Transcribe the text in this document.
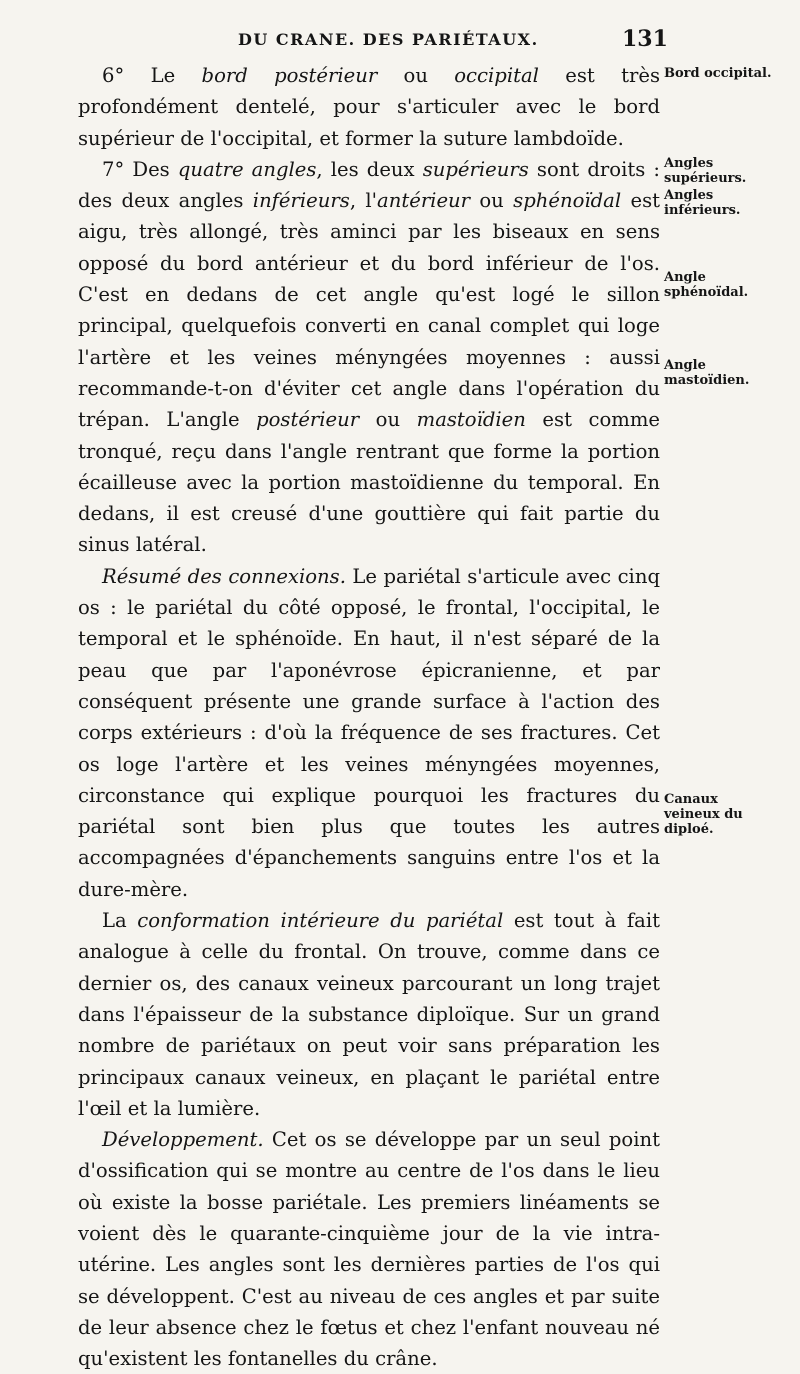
DU CRANE. DES PARIÉTAUX.	131

6° Le bord postérieur ou occipital est très profondément dentelé, pour s'articuler avec le bord supérieur de l'occipital, et former la suture lambdoïde.

7° Des quatre angles, les deux supérieurs sont droits : des deux angles inférieurs, l'antérieur ou sphénoïdal est aigu, très allongé, très aminci par les biseaux en sens opposé du bord antérieur et du bord inférieur de l'os. C'est en dedans de cet angle qu'est logé le sillon principal, quelquefois converti en canal complet qui loge l'artère et les veines ményngées moyennes : aussi recommande-t-on d'éviter cet angle dans l'opération du trépan. L'angle postérieur ou mastoïdien est comme tronqué, reçu dans l'angle rentrant que forme la portion écailleuse avec la portion mastoïdienne du temporal. En dedans, il est creusé d'une gouttière qui fait partie du sinus latéral.

Résumé des connexions. Le pariétal s'articule avec cinq os : le pariétal du côté opposé, le frontal, l'occipital, le temporal et le sphénoïde. En haut, il n'est séparé de la peau que par l'aponévrose épicranienne, et par conséquent présente une grande surface à l'action des corps extérieurs : d'où la fréquence de ses fractures. Cet os loge l'artère et les veines ményngées moyennes, circonstance qui explique pourquoi les fractures du pariétal sont bien plus que toutes les autres accompagnées d'épanchements sanguins entre l'os et la dure-mère.

La conformation intérieure du pariétal est tout à fait analogue à celle du frontal. On trouve, comme dans ce dernier os, des canaux veineux parcourant un long trajet dans l'épaisseur de la substance diploïque. Sur un grand nombre de pariétaux on peut voir sans préparation les principaux canaux veineux, en plaçant le pariétal entre l'œil et la lumière.

Développement. Cet os se développe par un seul point d'ossification qui se montre au centre de l'os dans le lieu où existe la bosse pariétale. Les premiers linéaments se voient dès le quarante-cinquième jour de la vie intra-utérine. Les angles sont les dernières parties de l'os qui se développent. C'est au niveau de ces angles et par suite de leur absence chez le fœtus et chez l'enfant nouveau né qu'existent les fontanelles du crâne.

Bord occipital.
Angles supérieurs.
Angles inférieurs.
Angle sphénoïdal.
Angle mastoïdien.
Canaux veineux du diploé.
